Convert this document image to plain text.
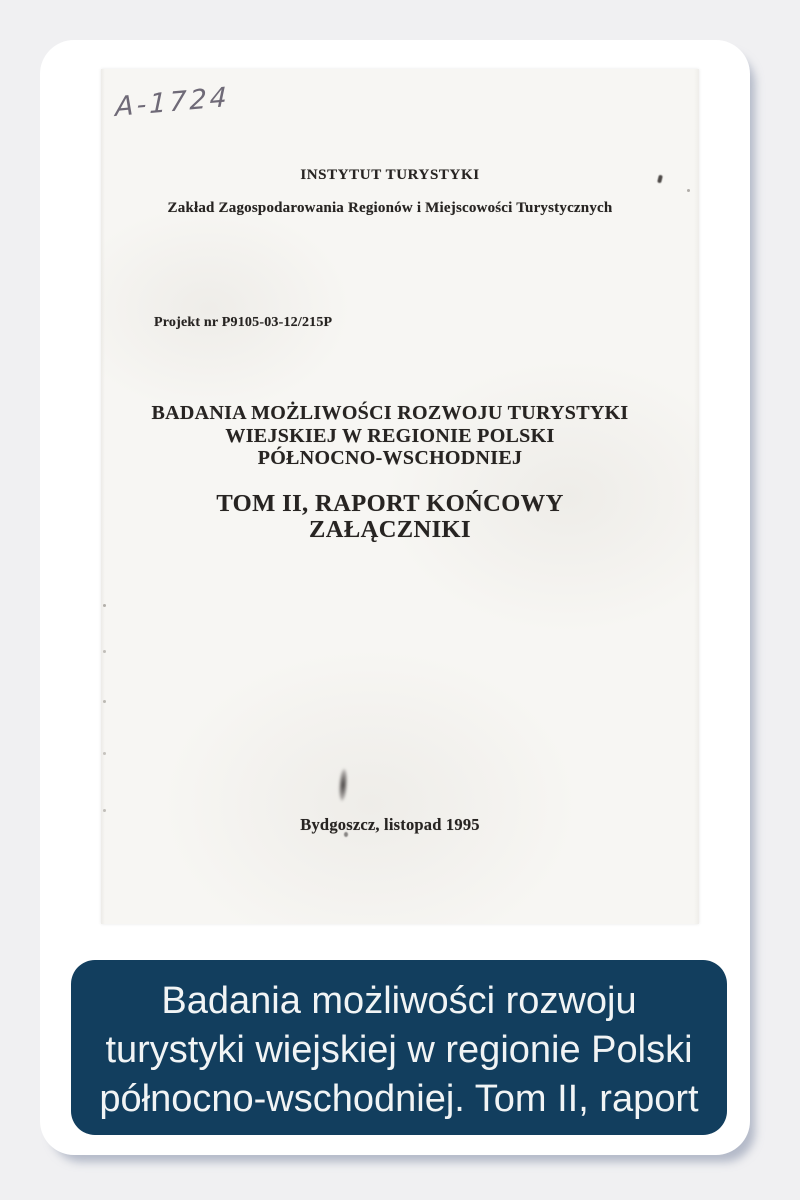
A-1724
INSTYTUT TURYSTYKI
Zakład Zagospodarowania Regionów i Miejscowości Turystycznych
Projekt nr P9105-03-12/215P
BADANIA MOŻLIWOŚCI ROZWOJU TURYSTYKI
WIEJSKIEJ W REGIONIE POLSKI
PÓŁNOCNO-WSCHODNIEJ
TOM II, RAPORT KOŃCOWY
ZAŁĄCZNIKI
Bydgoszcz, listopad 1995
Badania możliwości rozwoju
turystyki wiejskiej w regionie Polski
północno-wschodniej. Tom II, raport
